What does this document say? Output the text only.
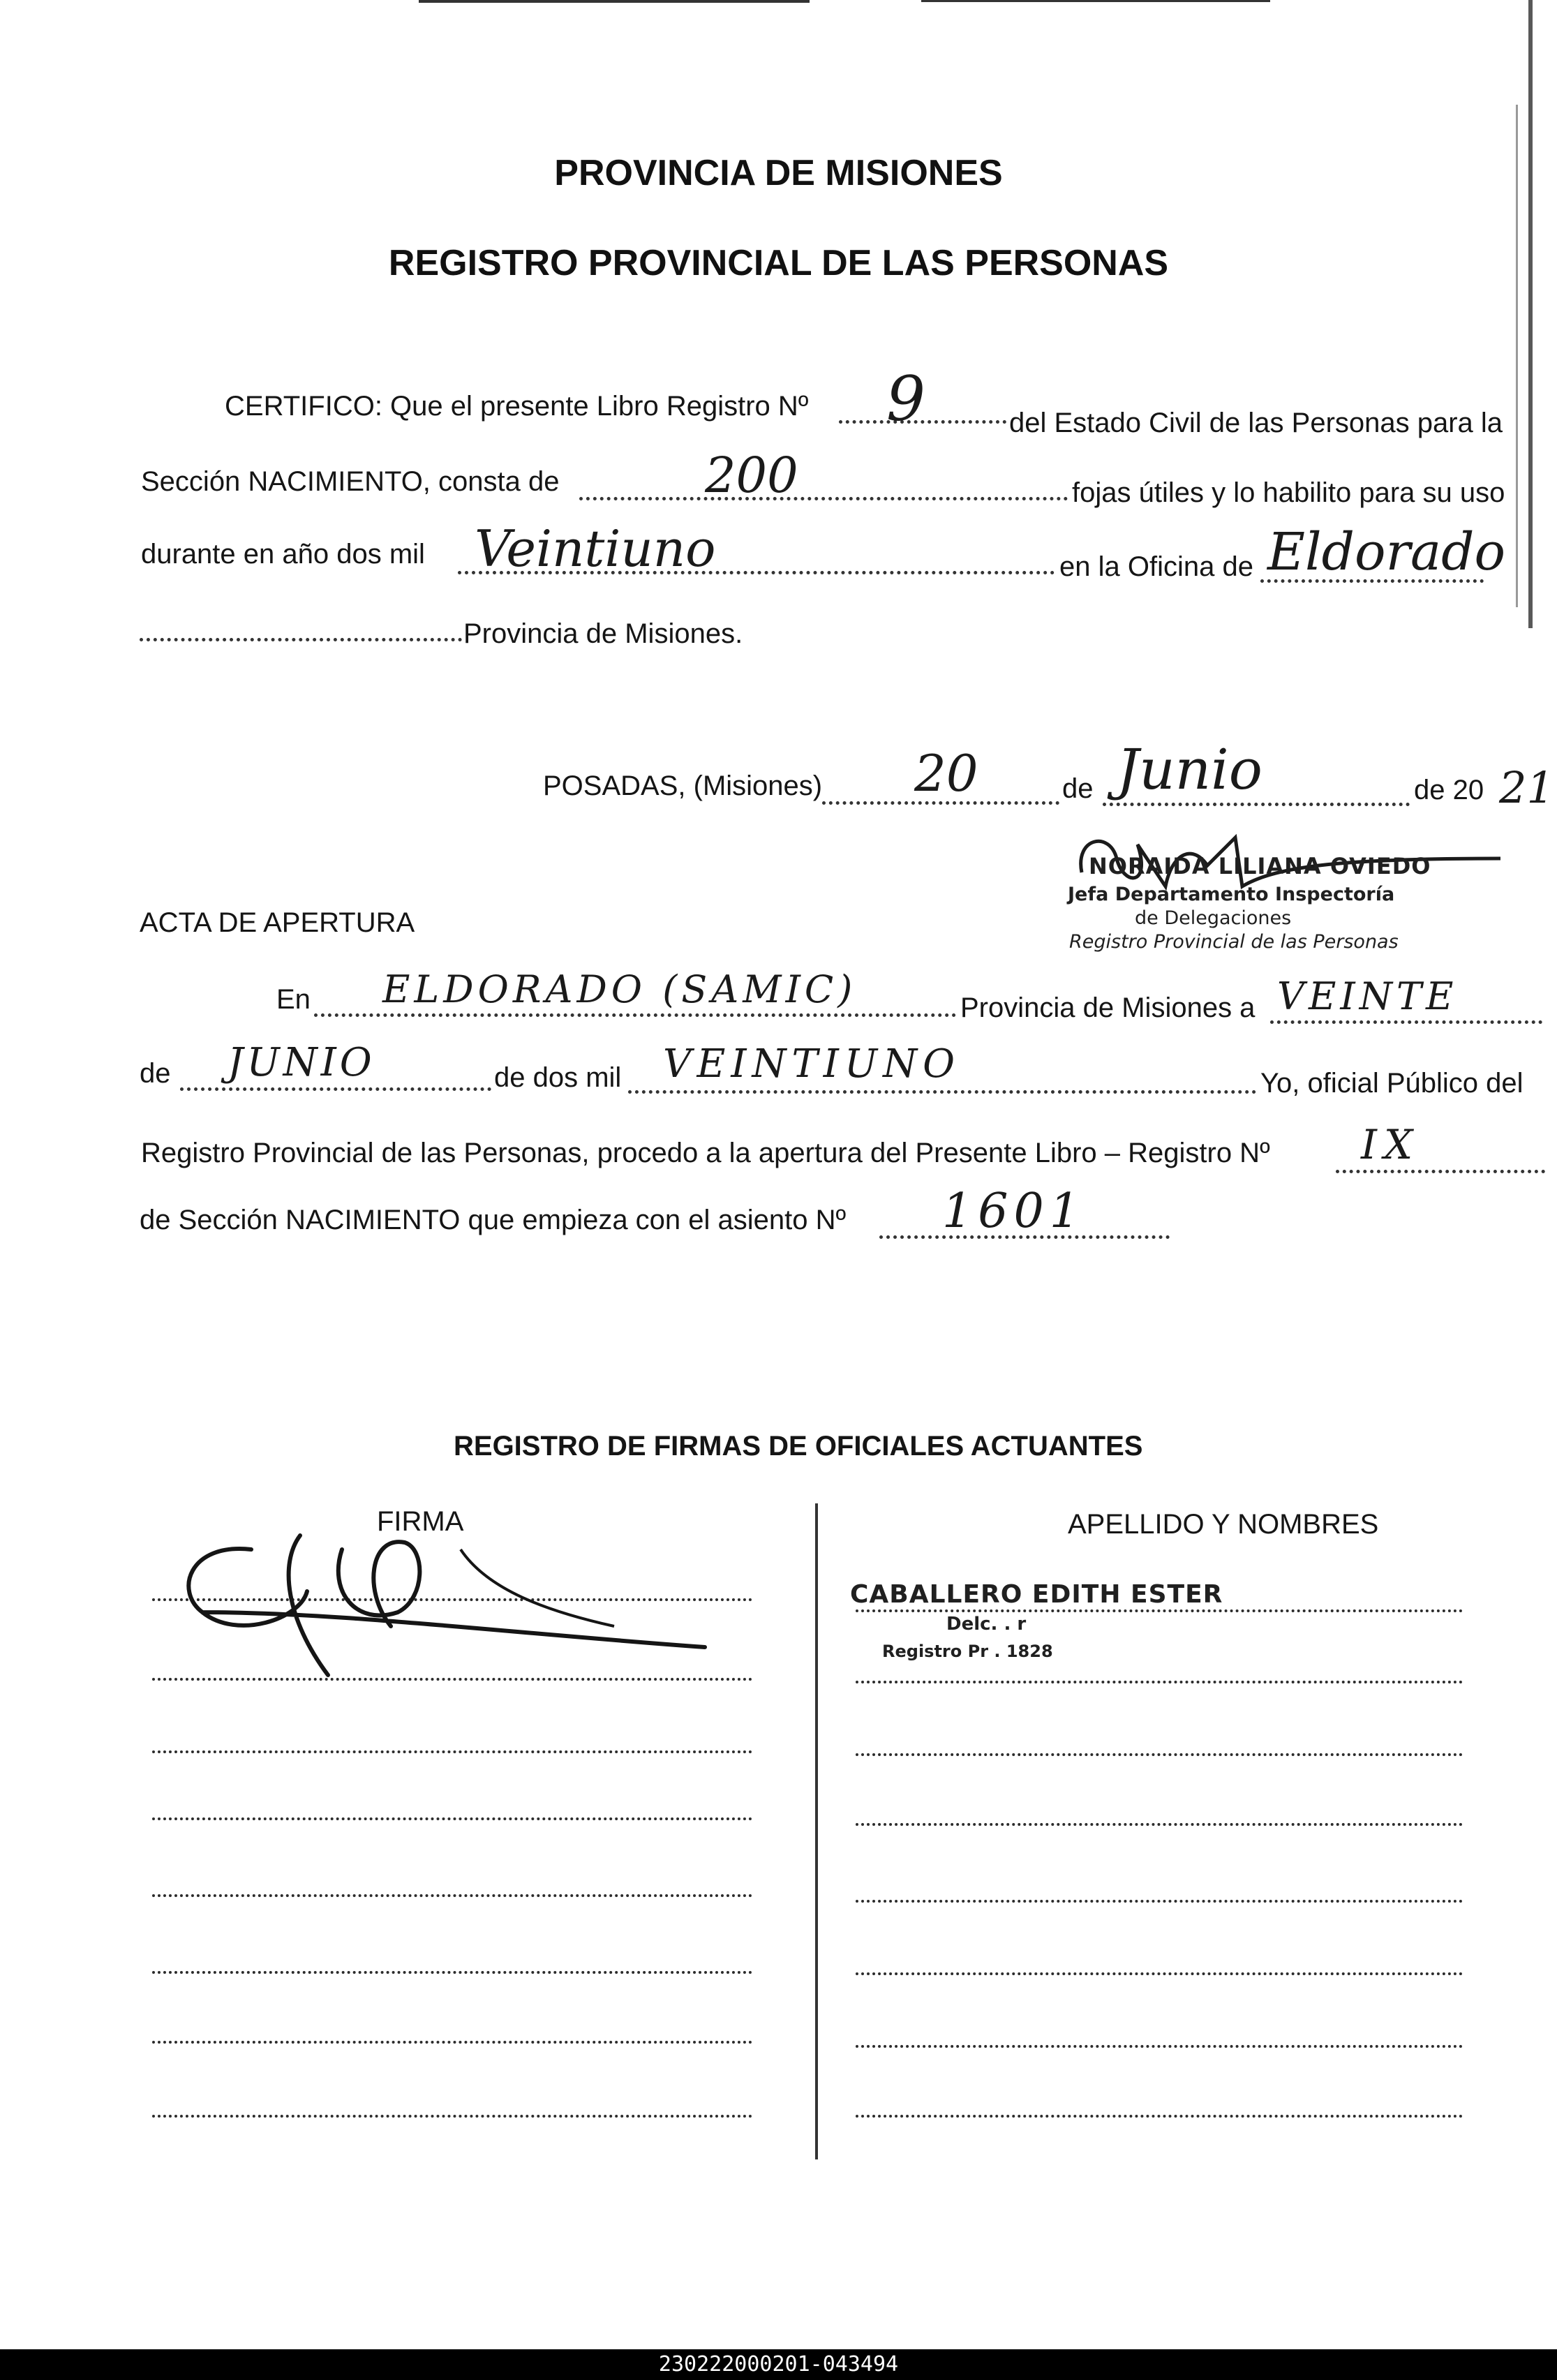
PROVINCIA DE MISIONES
REGISTRO PROVINCIAL DE LAS PERSONAS
CERTIFICO: Que el presente Libro Registro Nº 9	del Estado Civil de las Personas para la
Sección NACIMIENTO, consta de	200	fojas útiles y lo habilito para su uso
durante en año dos mil Veintiuno	en la Oficina de Eldorado
Provincia de Misiones.
POSADAS, (Misiones) 20	de Junio	de 20 21
NORAIDA LILIANA OVIEDO
Jefa Departamento Inspectoría
de Delegaciones
Registro Provincial de las Personas
ACTA DE APERTURA
En ELDORADO (SAMIC)	Provincia de Misiones a VEINTE
de JUNIO	de dos mil VEINTIUNO	Yo, oficial Público del
Registro Provincial de las Personas, procedo a la apertura del Presente Libro – Registro Nº IX
de Sección NACIMIENTO que empieza con el asiento Nº 1601
REGISTRO DE FIRMAS DE OFICIALES ACTUANTES
FIRMA	APELLIDO Y NOMBRES
CABALLERO EDITH ESTER
Delc. . r
Registro Pr . 1828
230222000201-043494
